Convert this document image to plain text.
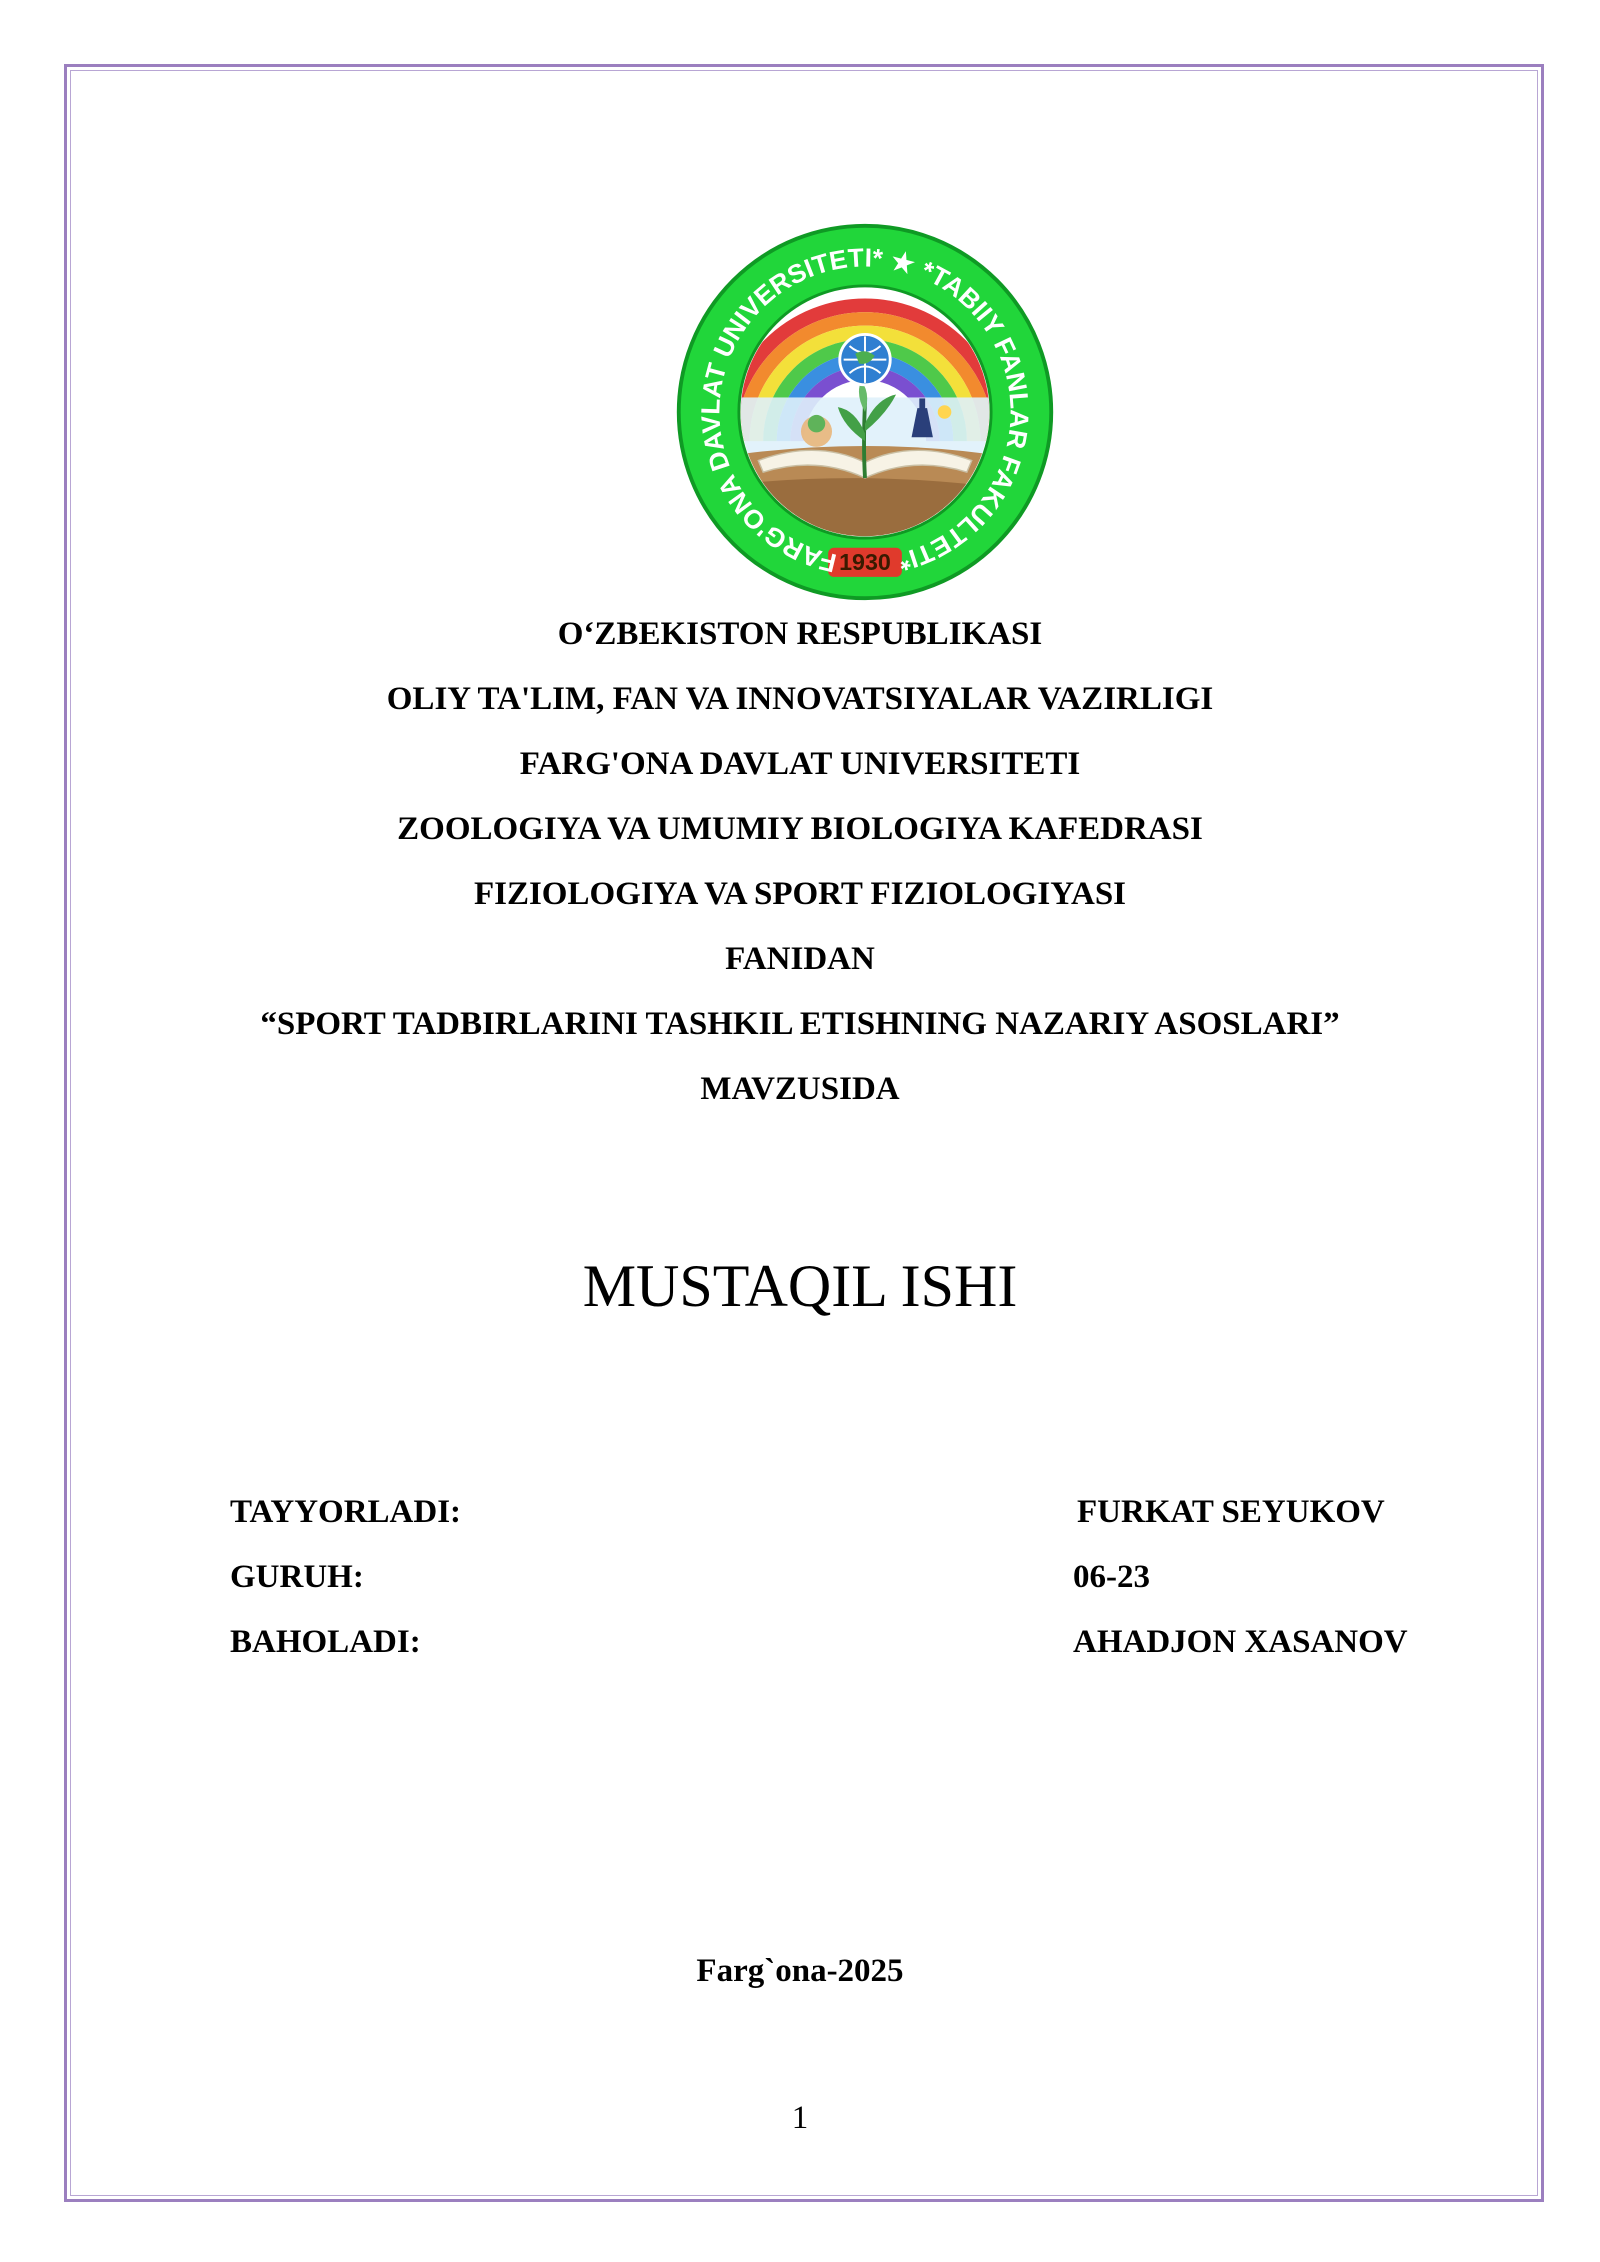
1930
FARG'ONA DAVLAT UNIVERSITETI* ★ *TABIIY FANLAR FAKULTETI*
O‘ZBEKISTON RESPUBLIKASI
OLIY TA'LIM, FAN VA INNOVATSIYALAR VAZIRLIGI
FARG'ONA DAVLAT UNIVERSITETI
ZOOLOGIYA VA UMUMIY BIOLOGIYA KAFEDRASI
FIZIOLOGIYA VA SPORT FIZIOLOGIYASI
FANIDAN
“SPORT TADBIRLARINI TASHKIL ETISHNING NAZARIY ASOSLARI”
MAVZUSIDA
MUSTAQIL ISHI
TAYYORLADI:	FURKAT SEYUKOV
GURUH:	06-23
BAHOLADI:	AHADJON XASANOV
Farg`ona-2025
1
